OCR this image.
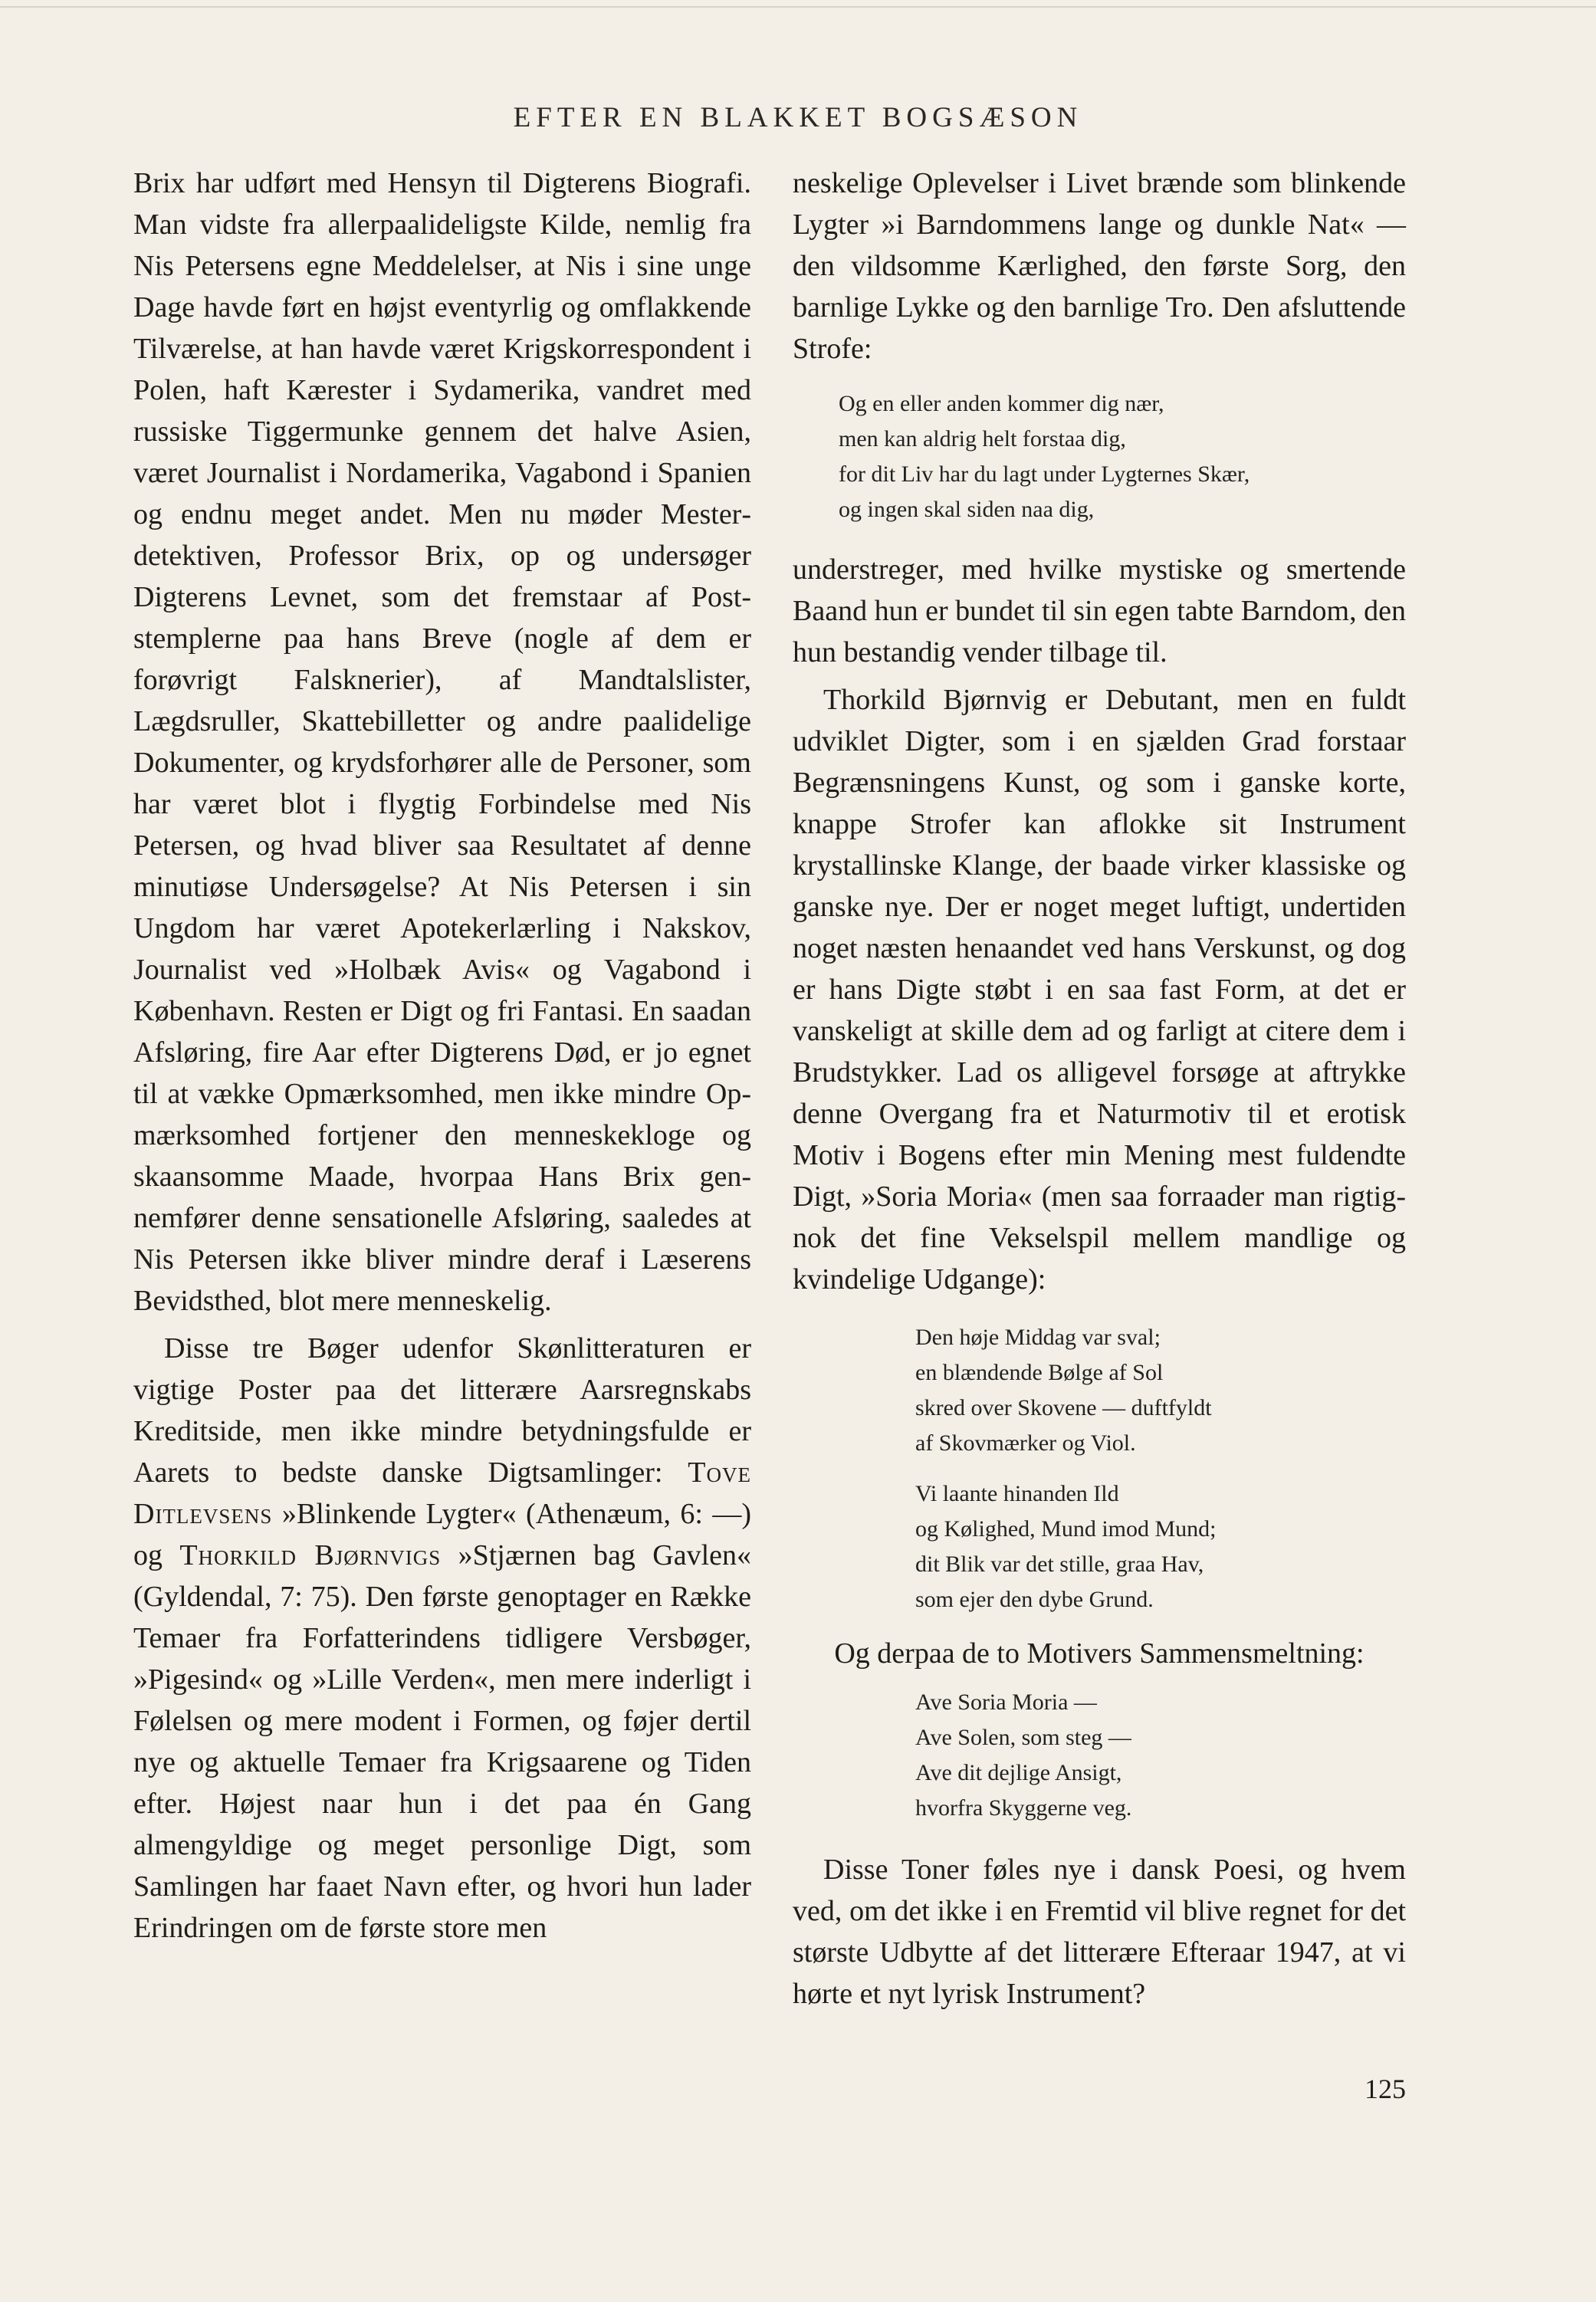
EFTER EN BLAKKET BOGSÆSON

Brix har udført med Hensyn til Digterens Biografi. Man vidste fra allerpaalideligste Kilde, nemlig fra Nis Petersens egne Meddelelser, at Nis i sine unge Dage havde ført en højst eventyrlig og omflakkende Tilværelse, at han havde været Krigskorrespondent i Polen, haft Kærester i Sydamerika, vandret med russiske Tiggermunke gennem det halve Asien, været Journalist i Nordamerika, Vagabond i Spanien og endnu meget andet. Men nu møder Mesterdetektiven, Professor Brix, op og undersøger Digterens Levnet, som det fremstaar af Poststemplerne paa hans Breve (nogle af dem er forøvrigt Falsknerier), af Mandtalslister, Lægdsruller, Skattebilletter og andre paalidelige Dokumenter, og krydsforhører alle de Personer, som har været blot i flygtig Forbindelse med Nis Petersen, og hvad bliver saa Resultatet af denne minutiøse Undersøgelse? At Nis Petersen i sin Ungdom har været Apotekerlærling i Nakskov, Journalist ved »Holbæk Avis« og Vagabond i København. Resten er Digt og fri Fantasi. En saadan Afsløring, fire Aar efter Digterens Død, er jo egnet til at vække Opmærksomhed, men ikke mindre Opmærksomhed fortjener den menneskekloge og skaansomme Maade, hvorpaa Hans Brix gennemfører denne sensationelle Afsløring, saaledes at Nis Petersen ikke bliver mindre deraf i Læserens Bevidsthed, blot mere menneskelig.

Disse tre Bøger udenfor Skønlitteraturen er vigtige Poster paa det litterære Aarsregnskabs Kreditside, men ikke mindre betydningsfulde er Aarets to bedste danske Digtsamlinger: Tove Ditlevsens »Blinkende Lygter« (Athenæum, 6: —) og Thorkild Bjørnvigs »Stjærnen bag Gavlen« (Gyldendal, 7: 75). Den første genoptager en Række Temaer fra Forfatterindens tidligere Versbøger, »Pigesind« og »Lille Verden«, men mere inderligt i Følelsen og mere modent i Formen, og føjer dertil nye og aktuelle Temaer fra Krigsaarene og Tiden efter. Højest naar hun i det paa én Gang almengyldige og meget personlige Digt, som Samlingen har faaet Navn efter, og hvori hun lader Erindringen om de første store men

neskelige Oplevelser i Livet brænde som blinkende Lygter »i Barndommens lange og dunkle Nat« — den vildsomme Kærlighed, den første Sorg, den barnlige Lykke og den barnlige Tro. Den afsluttende Strofe:

Og en eller anden kommer dig nær,
men kan aldrig helt forstaa dig,
for dit Liv har du lagt under Lygternes Skær,
og ingen skal siden naa dig,

understreger, med hvilke mystiske og smertende Baand hun er bundet til sin egen tabte Barndom, den hun bestandig vender tilbage til.

Thorkild Bjørnvig er Debutant, men en fuldt udviklet Digter, som i en sjælden Grad forstaar Begrænsningens Kunst, og som i ganske korte, knappe Strofer kan aflokke sit Instrument krystallinske Klange, der baade virker klassiske og ganske nye. Der er noget meget luftigt, undertiden noget næsten henaandet ved hans Verskunst, og dog er hans Digte støbt i en saa fast Form, at det er vanskeligt at skille dem ad og farligt at citere dem i Brudstykker. Lad os alligevel forsøge at aftrykke denne Overgang fra et Naturmotiv til et erotisk Motiv i Bogens efter min Mening mest fuldendte Digt, »Soria Moria« (men saa forraader man rigtignok det fine Vekselspil mellem mandlige og kvindelige Udgange):

Den høje Middag var sval;
en blændende Bølge af Sol
skred over Skovene — duftfyldt
af Skovmærker og Viol.
Vi laante hinanden Ild
og Kølighed, Mund imod Mund;
dit Blik var det stille, graa Hav,
som ejer den dybe Grund.

Og derpaa de to Motivers Sammensmeltning:

Ave Soria Moria —
Ave Solen, som steg —
Ave dit dejlige Ansigt,
hvorfra Skyggerne veg.

Disse Toner føles nye i dansk Poesi, og hvem ved, om det ikke i en Fremtid vil blive regnet for det største Udbytte af det litterære Efteraar 1947, at vi hørte et nyt lyrisk Instrument?

125
